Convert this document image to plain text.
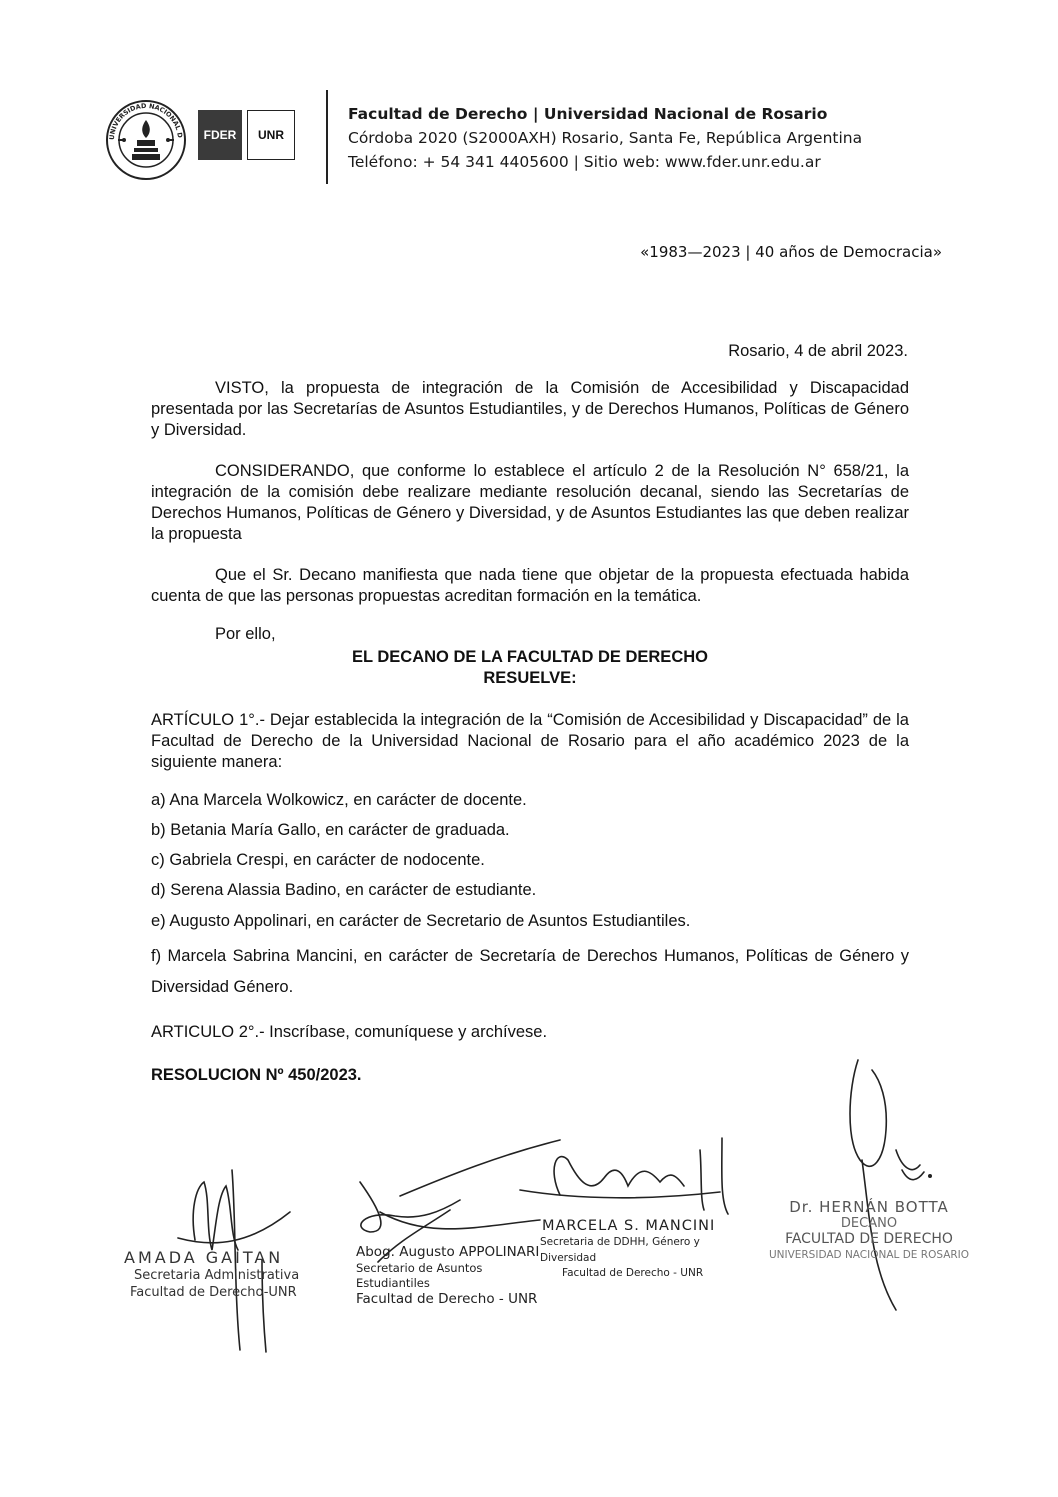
UNIVERSIDAD NACIONAL D FDER UNR
Facultad de Derecho | Universidad Nacional de Rosario
Córdoba 2020 (S2000AXH) Rosario, Santa Fe, República Argentina
Teléfono: + 54 341 4405600 | Sitio web: www.fder.unr.edu.ar
«1983—2023 | 40 años de Democracia»
Rosario, 4 de abril 2023.
VISTO, la propuesta de integración de la Comisión de Accesibilidad y Discapacidad presentada por las Secretarías de Asuntos Estudiantiles, y de Derechos Humanos, Políticas de Género y Diversidad.
CONSIDERANDO, que conforme lo establece el artículo 2 de la Resolución N° 658/21, la integración de la comisión debe realizare mediante resolución decanal, siendo las Secretarías de Derechos Humanos, Políticas de Género y Diversidad, y de Asuntos Estudiantes las que deben realizar la propuesta
Que el Sr. Decano manifiesta que nada tiene que objetar de la propuesta efectuada habida cuenta de que las personas propuestas acreditan formación en la temática.
Por ello,
EL DECANO DE LA FACULTAD DE DERECHO
RESUELVE:
ARTÍCULO 1°.- Dejar establecida la integración de la “Comisión de Accesibilidad y Discapacidad” de la Facultad de Derecho de la Universidad Nacional de Rosario para el año académico 2023 de la siguiente manera:
a) Ana Marcela Wolkowicz, en carácter de docente.
b) Betania María Gallo, en carácter de graduada.
c) Gabriela Crespi, en carácter de nodocente.
d) Serena Alassia Badino, en carácter de estudiante.
e) Augusto Appolinari, en carácter de Secretario de Asuntos Estudiantiles.
f) Marcela Sabrina Mancini, en carácter de Secretaría de Derechos Humanos, Políticas de Género y Diversidad Género.
ARTICULO 2°.- Inscríbase, comuníquese y archívese.
RESOLUCION Nº 450/2023.
AMADA GAITAN
Secretaria Administrativa
Facultad de Derecho-UNR
Abog. Augusto APPOLINARI
Secretario de Asuntos Estudiantiles
Facultad de Derecho - UNR
MARCELA S. MANCINI
Secretaria de DDHH, Género y Diversidad
Facultad de Derecho - UNR
Dr. HERNÁN BOTTA
DECANO
FACULTAD DE DERECHO
UNIVERSIDAD NACIONAL DE ROSARIO
